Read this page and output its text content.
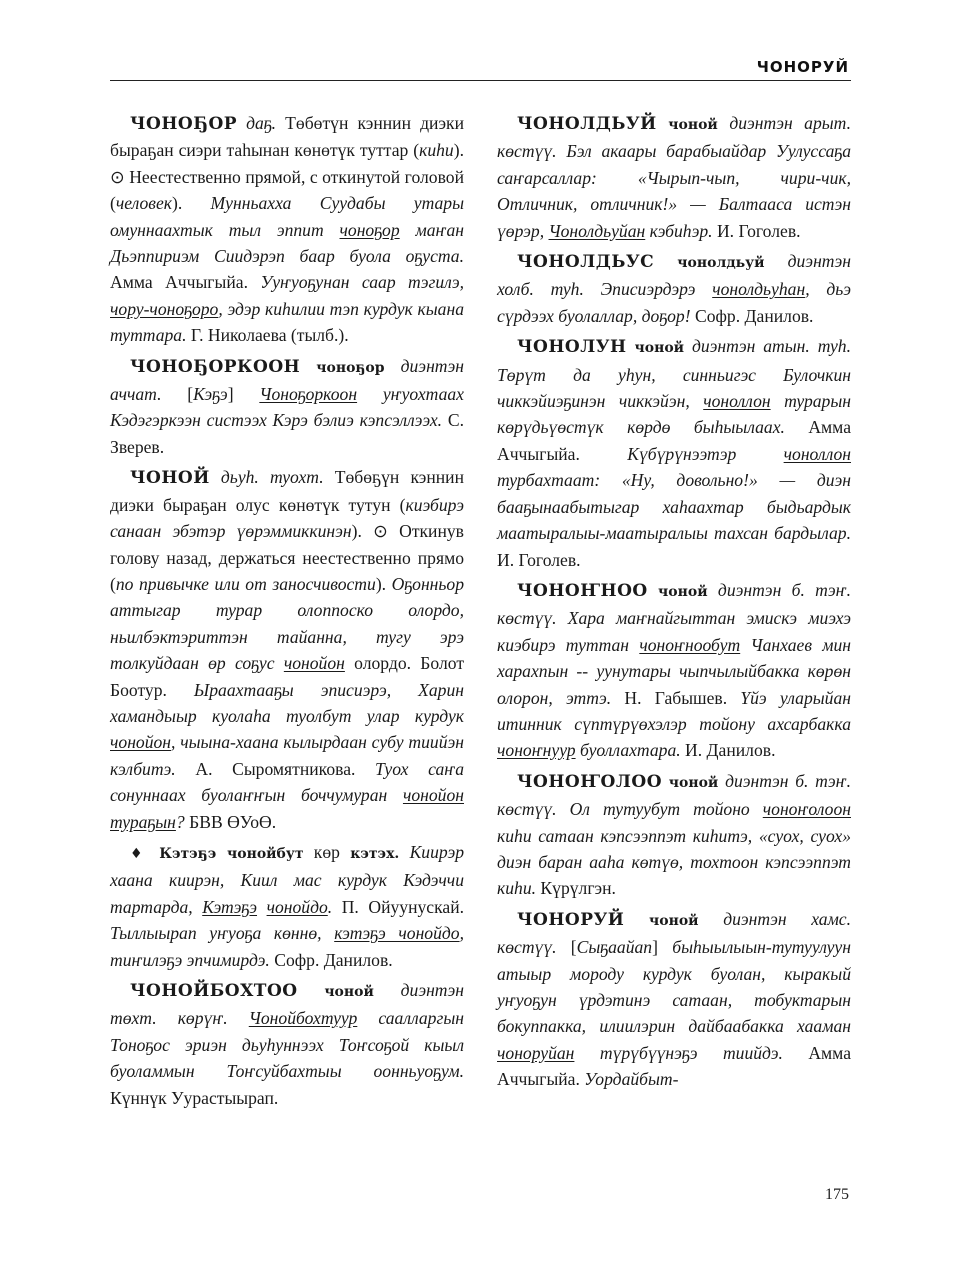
ЧОНОРУЙ

ЧОНОҔОР даҕ. Төбөтүн кэннин диэки быраҕан сиэри таһынан көнөтүк туттар (киһи). ⊙ Неестественно прямой, с откинутой головой (человек). Мунньахха Суудабы утары омуннаахтык тыл эппит чоноҕор маҥан Дьэппириэм Сиидэрэп баар буола оҕуста. Амма Аччыгыйа. Ууҥуоҕунан саар тэгилэ, чору-чоноҕоро, эдэр киһилии тэп курдук кыана туттара. Г. Николаева (тылб.).

ЧОНОҔОРКООН чоноҕор диэнтэн аччат. [Кэҕэ] Чоноҕоркоон уҥуохтаах Кэдэгэркээн систээх Кэрэ бэлиэ кэпсэллээх. С. Зверев.

ЧОНОЙ дьуһ. туохт. Төбөҕүн кэннин диэки быраҕан олус көнөтүк тутун (киэбирэ санаан эбэтэр үөрэммиккинэн). ⊙ Откинув голову назад, держаться неестественно прямо (по привычке или от заносчивости). Оҕонньор аттыгар турар олоппоско олордо, ньилбэктэриттэн тайанна, тугу эрэ толкуйдаан өр соҕус чонойон олордо. Болот Боотур. Ыраахтааҕы эписиэрэ, Харин хамандыыр куолаһа туолбут улар курдук чонойон, чыына-хаана кылырдаан субу тиийэн кэлбитэ. А. Сыромятникова. Туох саҥа сонуннаах буолаҥҥын боччумуран чонойон тураҕын? БВВ ӨУоӨ.

♦ Кэтэҕэ чонойбут көр кэтэх. Киирэр хаана киирэн, Киил мас курдук Кэдэччи тартарда, Кэтэҕэ чонойдо. П. Ойуунускай. Тыллыырап уҥуоҕа көннө, кэтэҕэ чонойдо, тиҥилэҕэ эпчимирдэ. Софр. Данилов.

ЧОНОЙБОХТОО чоной диэнтэн төхт. көрүҥ. Чонойбохтуур саалларгын Тоноҕос эриэн дьуһуннээх Тоҥсоҕой кыыл буоламмын Тоҥсуйбахтыы оонньуоҕум. Күннүк Уурастыырап.

ЧОНОЛДЬУЙ чоной диэнтэн арыт. көстүү. Бэл акаары барабыайдар Уулуссаҕа саҥарсаллар: «Чырып-чып, чири-чик, Отличник, отличник!» — Балтааса истэн үөрэр, Чонолдьуйан кэбиһэр. И. Гоголев.

ЧОНОЛДЬУС чонолдьуй диэнтэн холб. туһ. Эписиэрдэрэ чонолдьуһан, дьэ сүрдээх буолаллар, доҕор! Софр. Данилов.

ЧОНОЛУН чоной диэнтэн атын. туһ. Төрүт да уһун, синньигэс Булочкин чиккэйиэҕинэн чиккэйэн, чоноллон турарын көрүдьүөстүк көрдө быһыылаах. Амма Аччыгыйа. Күбүрүнээтэр чоноллон турбахтаат: «Ну, довольно!» — диэн бааҕынаабытыгар хаһаахтар быдьардык маатыралыы-маатыралыы тахсан бардылар. И. Гоголев.

ЧОНОҤНОО чоной диэнтэн б. тэҥ. көстүү. Хара маҥнайгыттан эмискэ миэхэ киэбирэ туттан чоноҥнообут Чанхаев мин харахпын -- уунутары чыпчылыйбакка көрөн олорон, эттэ. Н. Габышев. Үйэ уларыйан итинник сүптүрүөхэлэр тойону ахсарбакка чоноҥнуур буоллахтара. И. Данилов.

ЧОНОҤОЛОО чоной диэнтэн б. тэҥ. көстүү. Ол тутуубут тойоно чоноҥолоон киһи сатаан кэпсээппэт киһитэ, «суох, суох» диэн баран ааһа көтүө, тохтоон кэпсээппэт киһи. Күрүлгэн.

ЧОНОРУЙ чоной диэнтэн хамс. көстүү. [Сыҕаайап] быһыылыын-тутуулуун атыыр мороду курдук буолан, кыракый уҥуоҕун үрдэтинэ сатаан, тобуктарын бокуппакка, илиилэрин дайбаабакка хааман чоноруйан түрүбүүнэҕэ тиийдэ. Амма Аччыгыйа. Уордайбыт-

175
